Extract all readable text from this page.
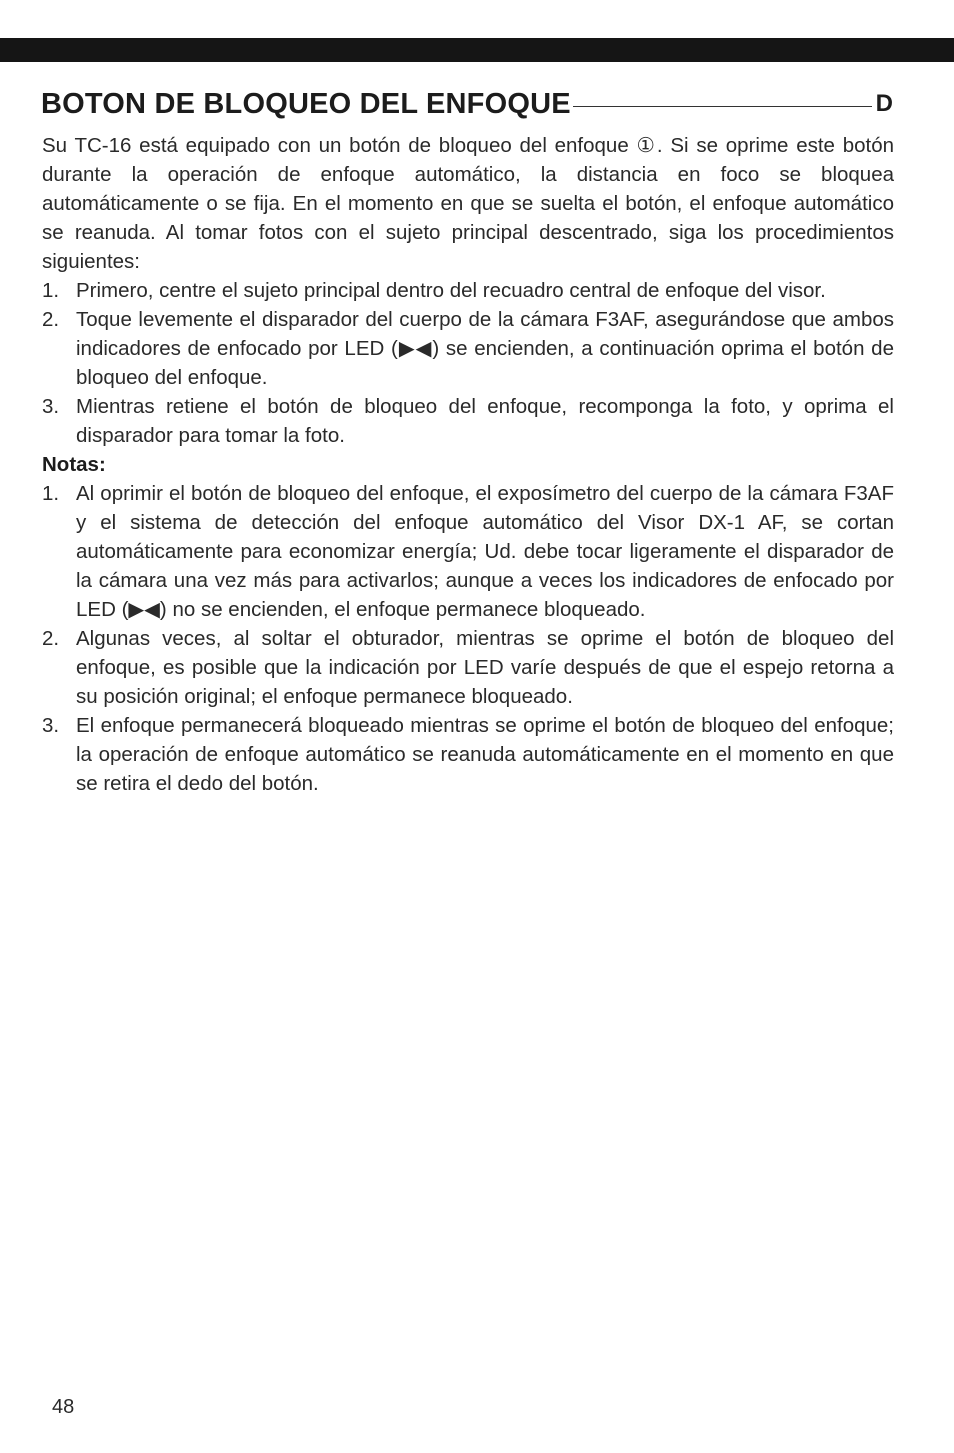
BOTON DE BLOQUEO DEL ENFOQUE	D

Su TC-16 está equipado con un botón de bloqueo del enfoque ①. Si se oprime este botón durante la operación de enfoque automático, la distancia en foco se bloquea automáticamente o se fija. En el momento en que se suelta el botón, el enfoque automático se reanuda. Al tomar fotos con el sujeto principal descentrado, siga los procedimientos siguientes:

1. Primero, centre el sujeto principal dentro del recuadro central de enfoque del visor.
2. Toque levemente el disparador del cuerpo de la cámara F3AF, asegurándose que ambos indicadores de enfocado por LED (▶◀) se encienden, a continuación oprima el botón de bloqueo del enfoque.
3. Mientras retiene el botón de bloqueo del enfoque, recomponga la foto, y oprima el disparador para tomar la foto.

Notas:

1. Al oprimir el botón de bloqueo del enfoque, el exposímetro del cuerpo de la cámara F3AF y el sistema de detección del enfoque automático del Visor DX-1 AF, se cortan automáticamente para economizar energía; Ud. debe tocar ligeramente el disparador de la cámara una vez más para activarlos; aunque a veces los indicadores de enfocado por LED (▶◀) no se encienden, el enfoque permanece bloqueado.
2. Algunas veces, al soltar el obturador, mientras se oprime el botón de bloqueo del enfoque, es posible que la indicación por LED varíe después de que el espejo retorna a su posición original; el enfoque permanece bloqueado.
3. El enfoque permanecerá bloqueado mientras se oprime el botón de bloqueo del enfoque; la operación de enfoque automático se reanuda automáticamente en el momento en que se retira el dedo del botón.
48
